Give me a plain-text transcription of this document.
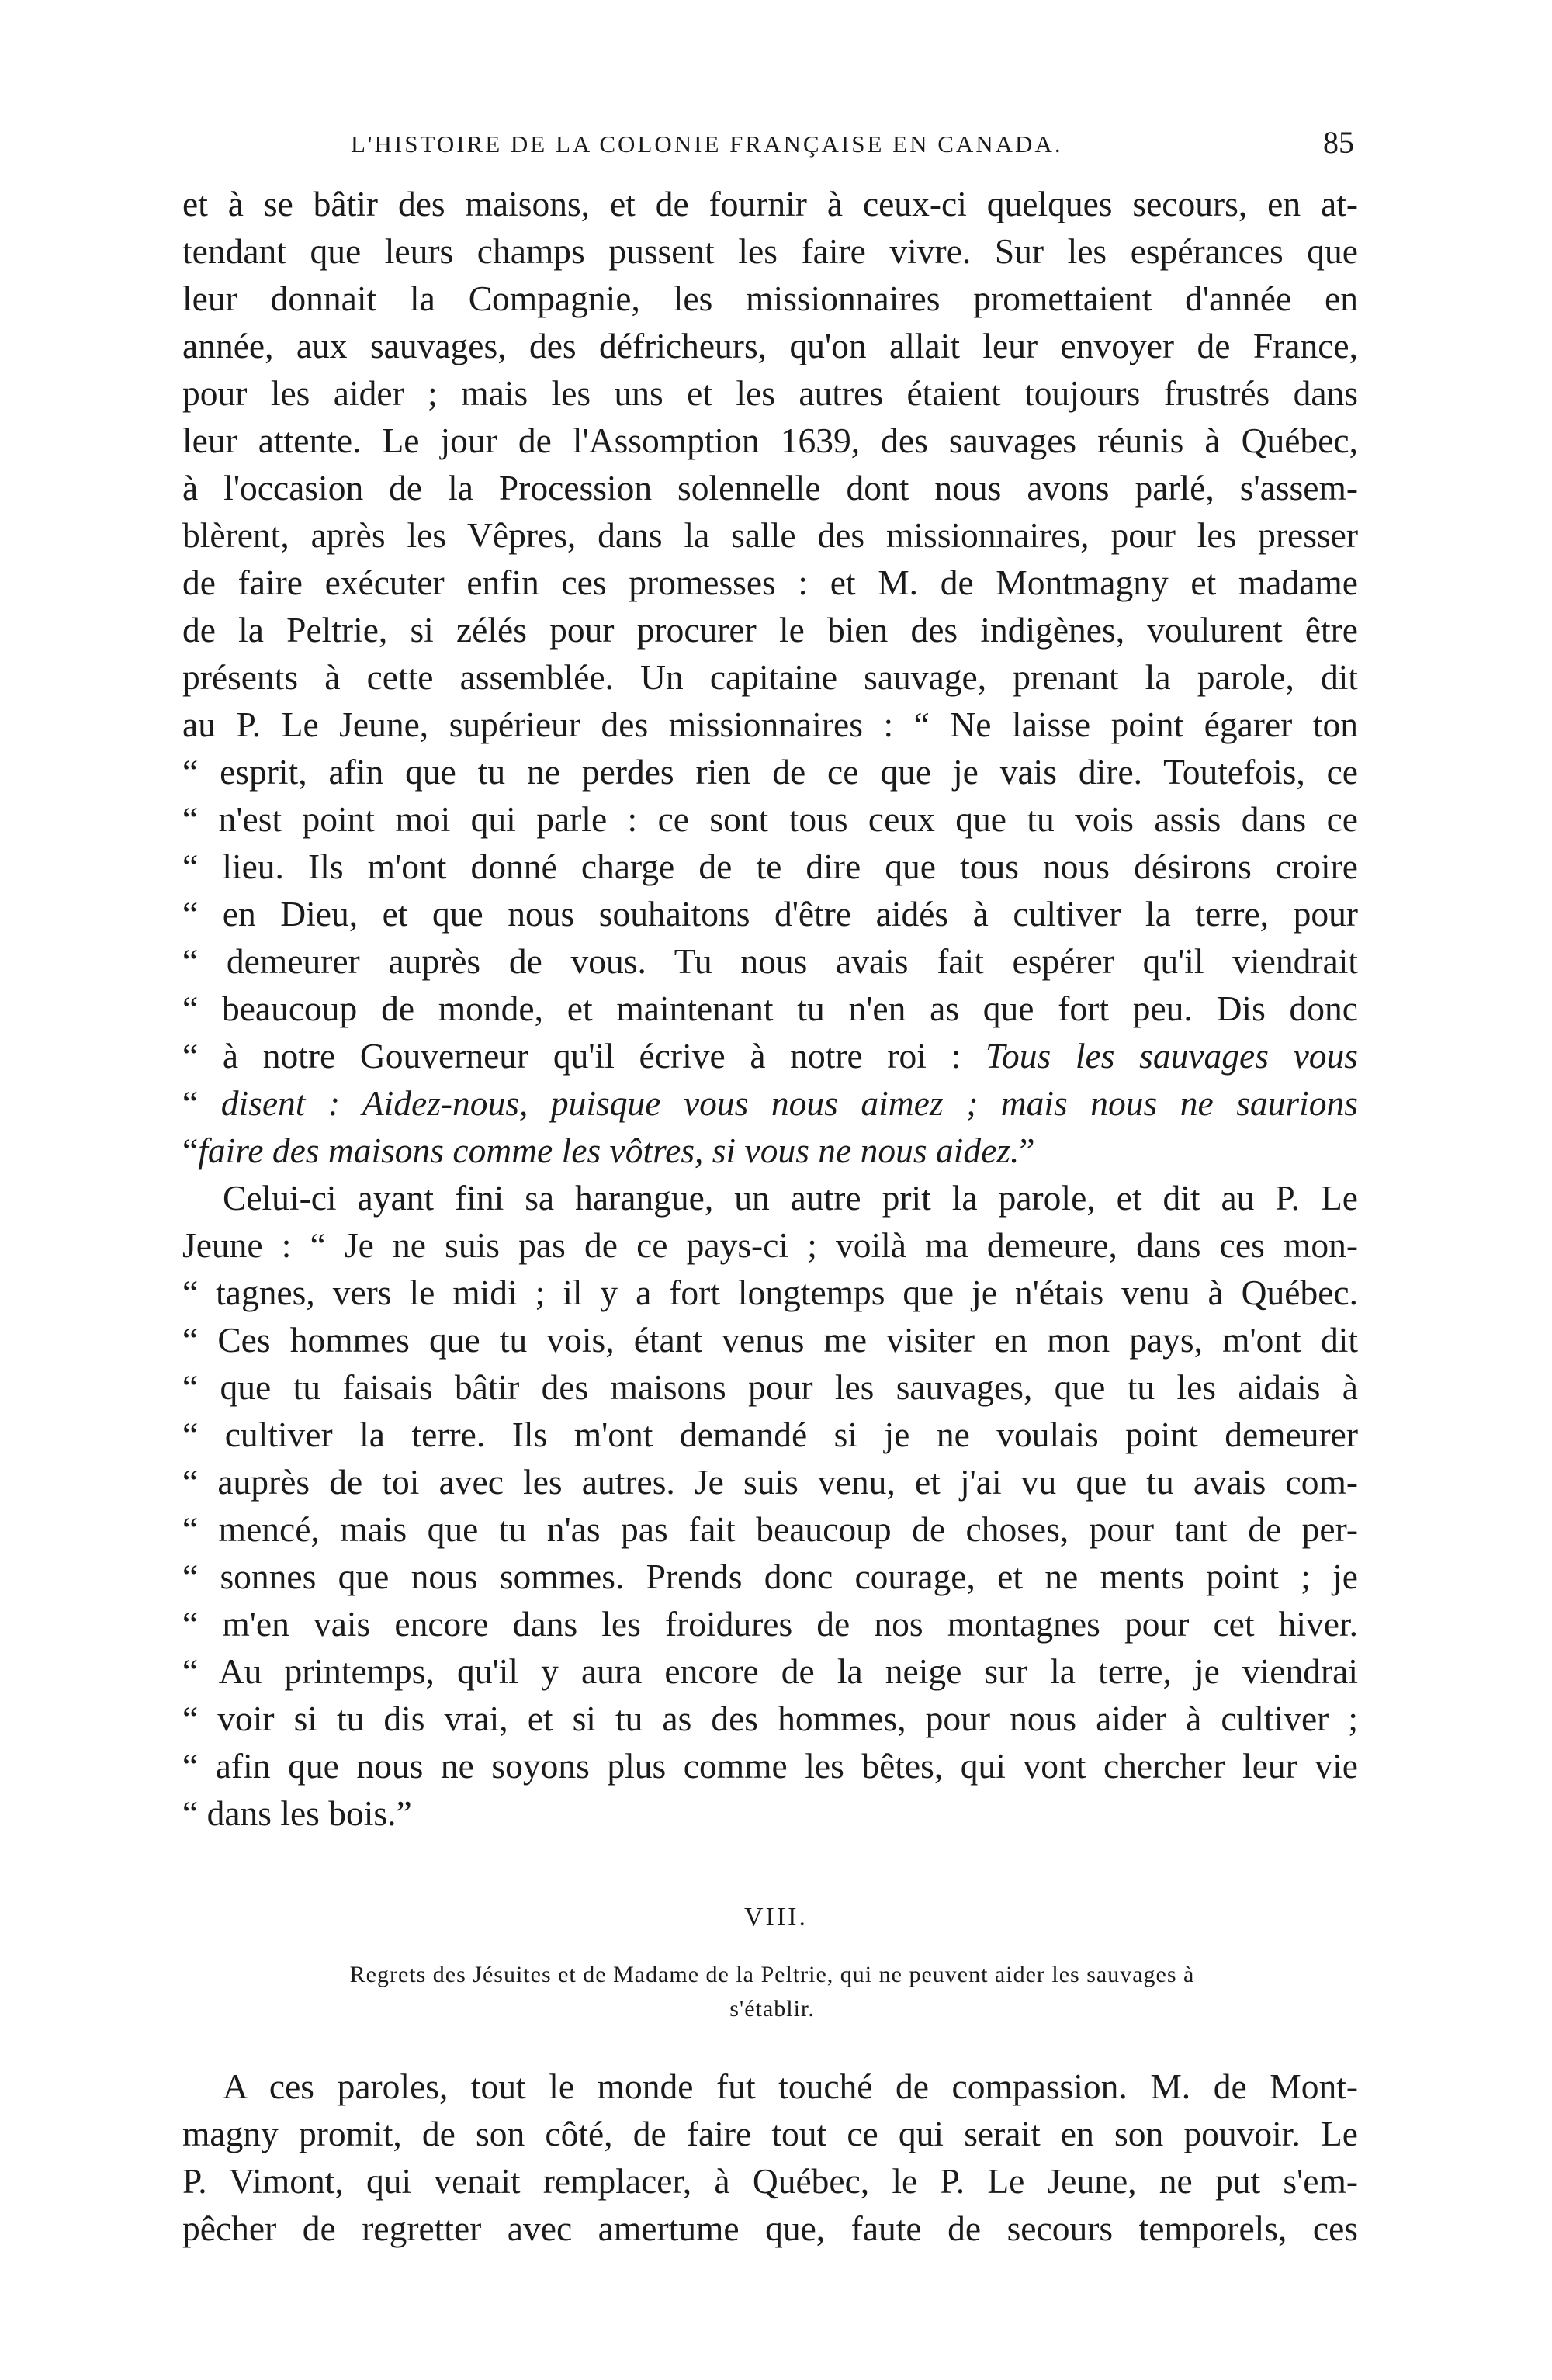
L'HISTOIRE DE LA COLONIE FRANÇAISE EN CANADA.	85
et à se bâtir des maisons, et de fournir à ceux-ci quelques secours, en at-
tendant que leurs champs pussent les faire vivre. Sur les espérances que
leur donnait la Compagnie, les missionnaires promettaient d'année en
année, aux sauvages, des défricheurs, qu'on allait leur envoyer de France,
pour les aider ; mais les uns et les autres étaient toujours frustrés dans
leur attente. Le jour de l'Assomption 1639, des sauvages réunis à Québec,
à l'occasion de la Procession solennelle dont nous avons parlé, s'assem-
blèrent, après les Vêpres, dans la salle des missionnaires, pour les presser
de faire exécuter enfin ces promesses : et M. de Montmagny et madame
de la Peltrie, si zélés pour procurer le bien des indigènes, voulurent être
présents à cette assemblée. Un capitaine sauvage, prenant la parole, dit
au P. Le Jeune, supérieur des missionnaires : “ Ne laisse point égarer ton
“ esprit, afin que tu ne perdes rien de ce que je vais dire. Toutefois, ce
“ n'est point moi qui parle : ce sont tous ceux que tu vois assis dans ce
“ lieu. Ils m'ont donné charge de te dire que tous nous désirons croire
“ en Dieu, et que nous souhaitons d'être aidés à cultiver la terre, pour
“ demeurer auprès de vous. Tu nous avais fait espérer qu'il viendrait
“ beaucoup de monde, et maintenant tu n'en as que fort peu. Dis donc
“ à notre Gouverneur qu'il écrive à notre roi : Tous les sauvages vous
“ disent : Aidez-nous, puisque vous nous aimez ; mais nous ne saurions
“faire des maisons comme les vôtres, si vous ne nous aidez.”
Celui-ci ayant fini sa harangue, un autre prit la parole, et dit au P. Le
Jeune : “ Je ne suis pas de ce pays-ci ; voilà ma demeure, dans ces mon-
“ tagnes, vers le midi ; il y a fort longtemps que je n'étais venu à Québec.
“ Ces hommes que tu vois, étant venus me visiter en mon pays, m'ont dit
“ que tu faisais bâtir des maisons pour les sauvages, que tu les aidais à
“ cultiver la terre. Ils m'ont demandé si je ne voulais point demeurer
“ auprès de toi avec les autres. Je suis venu, et j'ai vu que tu avais com-
“ mencé, mais que tu n'as pas fait beaucoup de choses, pour tant de per-
“ sonnes que nous sommes. Prends donc courage, et ne ments point ; je
“ m'en vais encore dans les froidures de nos montagnes pour cet hiver.
“ Au printemps, qu'il y aura encore de la neige sur la terre, je viendrai
“ voir si tu dis vrai, et si tu as des hommes, pour nous aider à cultiver ;
“ afin que nous ne soyons plus comme les bêtes, qui vont chercher leur vie
“ dans les bois.”
VIII.
Regrets des Jésuites et de Madame de la Peltrie, qui ne peuvent aider les sauvages à
s'établir.
A ces paroles, tout le monde fut touché de compassion. M. de Mont-
magny promit, de son côté, de faire tout ce qui serait en son pouvoir. Le
P. Vimont, qui venait remplacer, à Québec, le P. Le Jeune, ne put s'em-
pêcher de regretter avec amertume que, faute de secours temporels, ces
